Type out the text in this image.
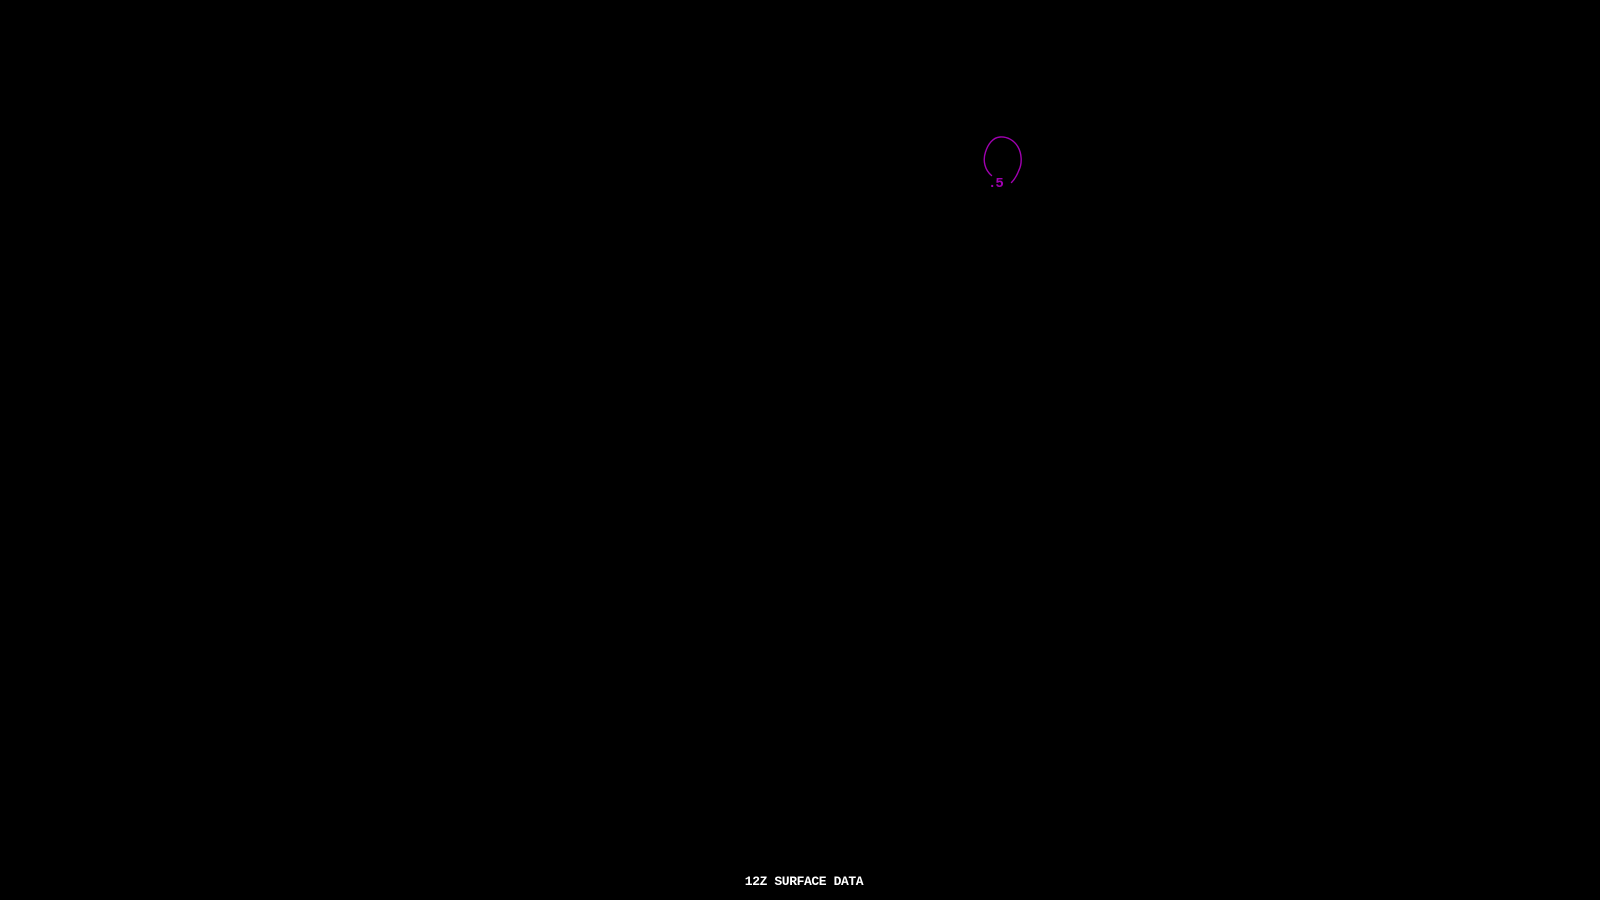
.5
12Z SURFACE DATA
